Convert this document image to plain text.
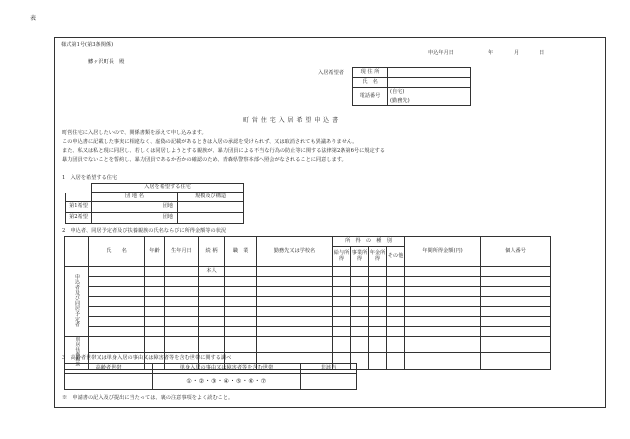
表
様式第1号(第3条関係)
申込年月日	年	月	日
鰺ヶ沢町長　殿
入居希望者	現 住 所	
氏　名	
電話番号	(自宅)
(勤務先)
町 営 住 宅 入 居 希 望 申 込 書
町営住宅に入居したいので、関係書類を添えて申し込みます。
この申込書に記載した事実に相違なく、虚偽の記載があるときは入居の承認を受けられず、又は取消されても異議ありません。
また、私又は私と現に同居し、若しくは同居しようとする親族が、暴力団員による不当な行為の防止等に関する法律第2条第6号に規定する
暴力団員でないことを誓約し、暴力団員であるか否かの確認のため、青森県警察本部へ照会がなされることに同意します。
1　入居を希望する住宅
	入居を希望する住宅	
	団 地 名	規模及び構造
第1希望	団地	
第2希望	団地	
2　申込者、同居予定者及び扶養親族の氏名ならびに所得金額等の状況
	氏　　名	年齢	生年月日	続 柄	職　業	勤務先又は学校名	所　得　の　種　別				年間所得金額(円)	個人番号
							給与所得	事業所得	年金所得	その他		
申込者及び同居予定者				本人								

別居扶養親族												

3　高齢者世帯又は単身入居の事由又は障害者等を含む世帯に関する調べ
高齢者世帯	単身入居の事由又は障害者等を含む世帯	非該当
	①・②・③・④・⑤・⑥・⑦	
※　申請書の記入及び提出に当たっては、裏の注意事項をよく読むこと。
